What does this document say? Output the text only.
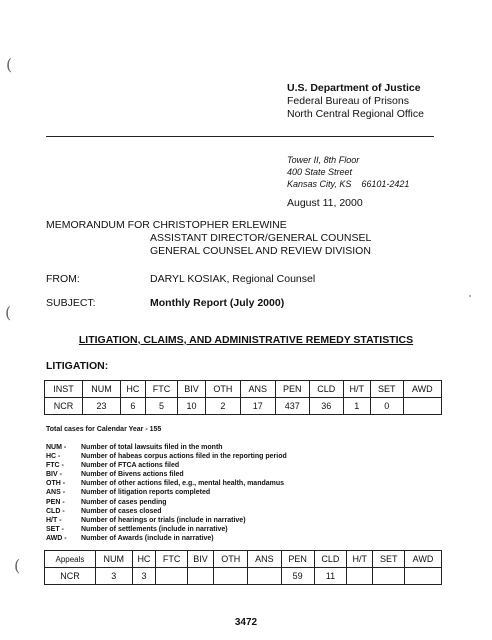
(
(
(
U.S. Department of Justice
Federal Bureau of Prisons
North Central Regional Office
Tower II, 8th Floor
400 State Street
Kansas City, KS    66101-2421
August 11, 2000
MEMORANDUM FOR CHRISTOPHER ERLEWINE
ASSISTANT DIRECTOR/GENERAL COUNSEL
GENERAL COUNSEL AND REVIEW DIVISION
FROM:	DARYL KOSIAK, Regional Counsel
SUBJECT:	Monthly Report (July 2000)
LITIGATION, CLAIMS, AND ADMINISTRATIVE REMEDY STATISTICS
LITIGATION:
INST	NUM	HC	FTC	BIV	OTH	ANS	PEN	CLD	H/T	SET	AWD
NCR	23	6	5	10	2	17	437	36	1	0	
Total cases for Calendar Year - 155
NUM - Number of total lawsuits filed in the month
HC -	Number of habeas corpus actions filed in the reporting period
FTC - Number of FTCA actions filed
BIV -	Number of Bivens actions filed
OTH - Number of other actions filed, e.g., mental health, mandamus
ANS - Number of litigation reports completed
PEN - Number of cases pending
CLD - Number of cases closed
H/T -	Number of hearings or trials (include in narrative)
SET - Number of settlements (include in narrative)
AWD - Number of Awards (include in narrative)
Appeals	NUM	HC	FTC	BIV	OTH	ANS	PEN	CLD	H/T	SET	AWD
NCR	3	3					59	11			
3472
